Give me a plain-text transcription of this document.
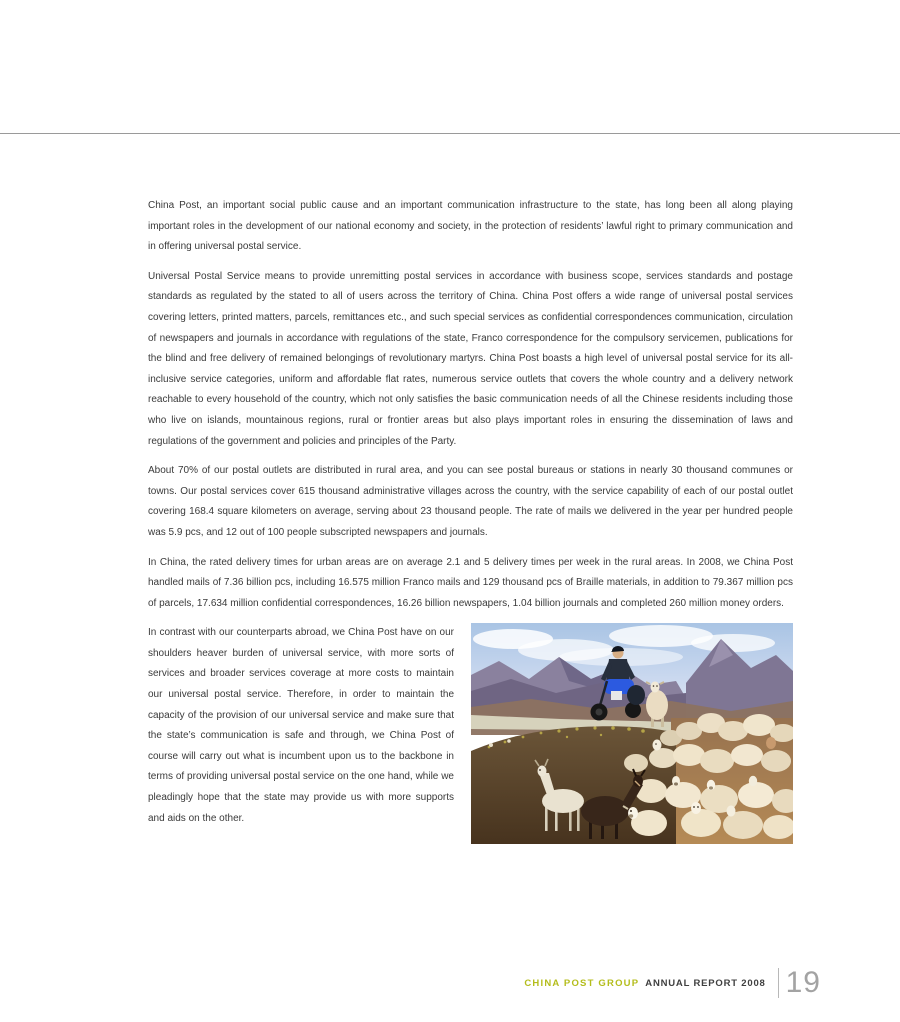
China Post, an important social public cause and an important communication infrastructure to the state, has long been all along playing important roles in the development of our national economy and society, in the protection of residents’ lawful right to primary communication and in offering universal postal service.

Universal Postal Service means to provide unremitting postal services in accordance with business scope, services standards and postage standards as regulated by the stated to all of users across the territory of China. China Post offers a wide range of universal postal services covering letters, printed matters, parcels, remittances etc., and such special services as confidential correspondences communication, circulation of newspapers and journals in accordance with regulations of the state, Franco correspondence for the compulsory servicemen, publications for the blind and free delivery of remained belongings of revolutionary martyrs. China Post boasts a high level of universal postal service for its all-inclusive service categories, uniform and affordable flat rates, numerous service outlets that covers the whole country and a delivery network reachable to every household of the country, which not only satisfies the basic communication needs of all the Chinese residents including those who live on islands, mountainous regions, rural or frontier areas but also plays important roles in ensuring the dissemination of laws and regulations of the government and policies and principles of the Party.

About 70% of our postal outlets are distributed in rural area, and you can see postal bureaus or stations in nearly 30 thousand communes or towns. Our postal services cover 615 thousand administrative villages across the country, with the service capability of each of our postal outlet covering 168.4 square kilometers on average, serving about 23 thousand people. The rate of mails we delivered in the year per hundred people was 5.9 pcs, and 12 out of 100 people subscripted newspapers and journals.

In China, the rated delivery times for urban areas are on average 2.1 and 5 delivery times per week in the rural areas. In 2008, we China Post handled mails of 7.36 billion pcs, including 16.575 million Franco mails and 129 thousand pcs of Braille materials, in addition to 79.367 million pcs of parcels, 17.634 million confidential correspondences, 16.26 billion newspapers, 1.04 billion journals and completed 260 million money orders.

In contrast with our counterparts abroad, we China Post have on our shoulders heaver burden of universal service, with more sorts of services and broader services coverage at more costs to maintain our universal postal service. Therefore, in order to maintain the capacity of the provision of our universal service and make sure that the state’s communication is safe and through, we China Post of course will carry out what is incumbent upon us to the backbone in terms of providing universal postal service on the one hand, while we pleadingly hope that the state may provide us with more supports and aids on the other.
CHINA POST GROUP ANNUAL REPORT 2008 19
